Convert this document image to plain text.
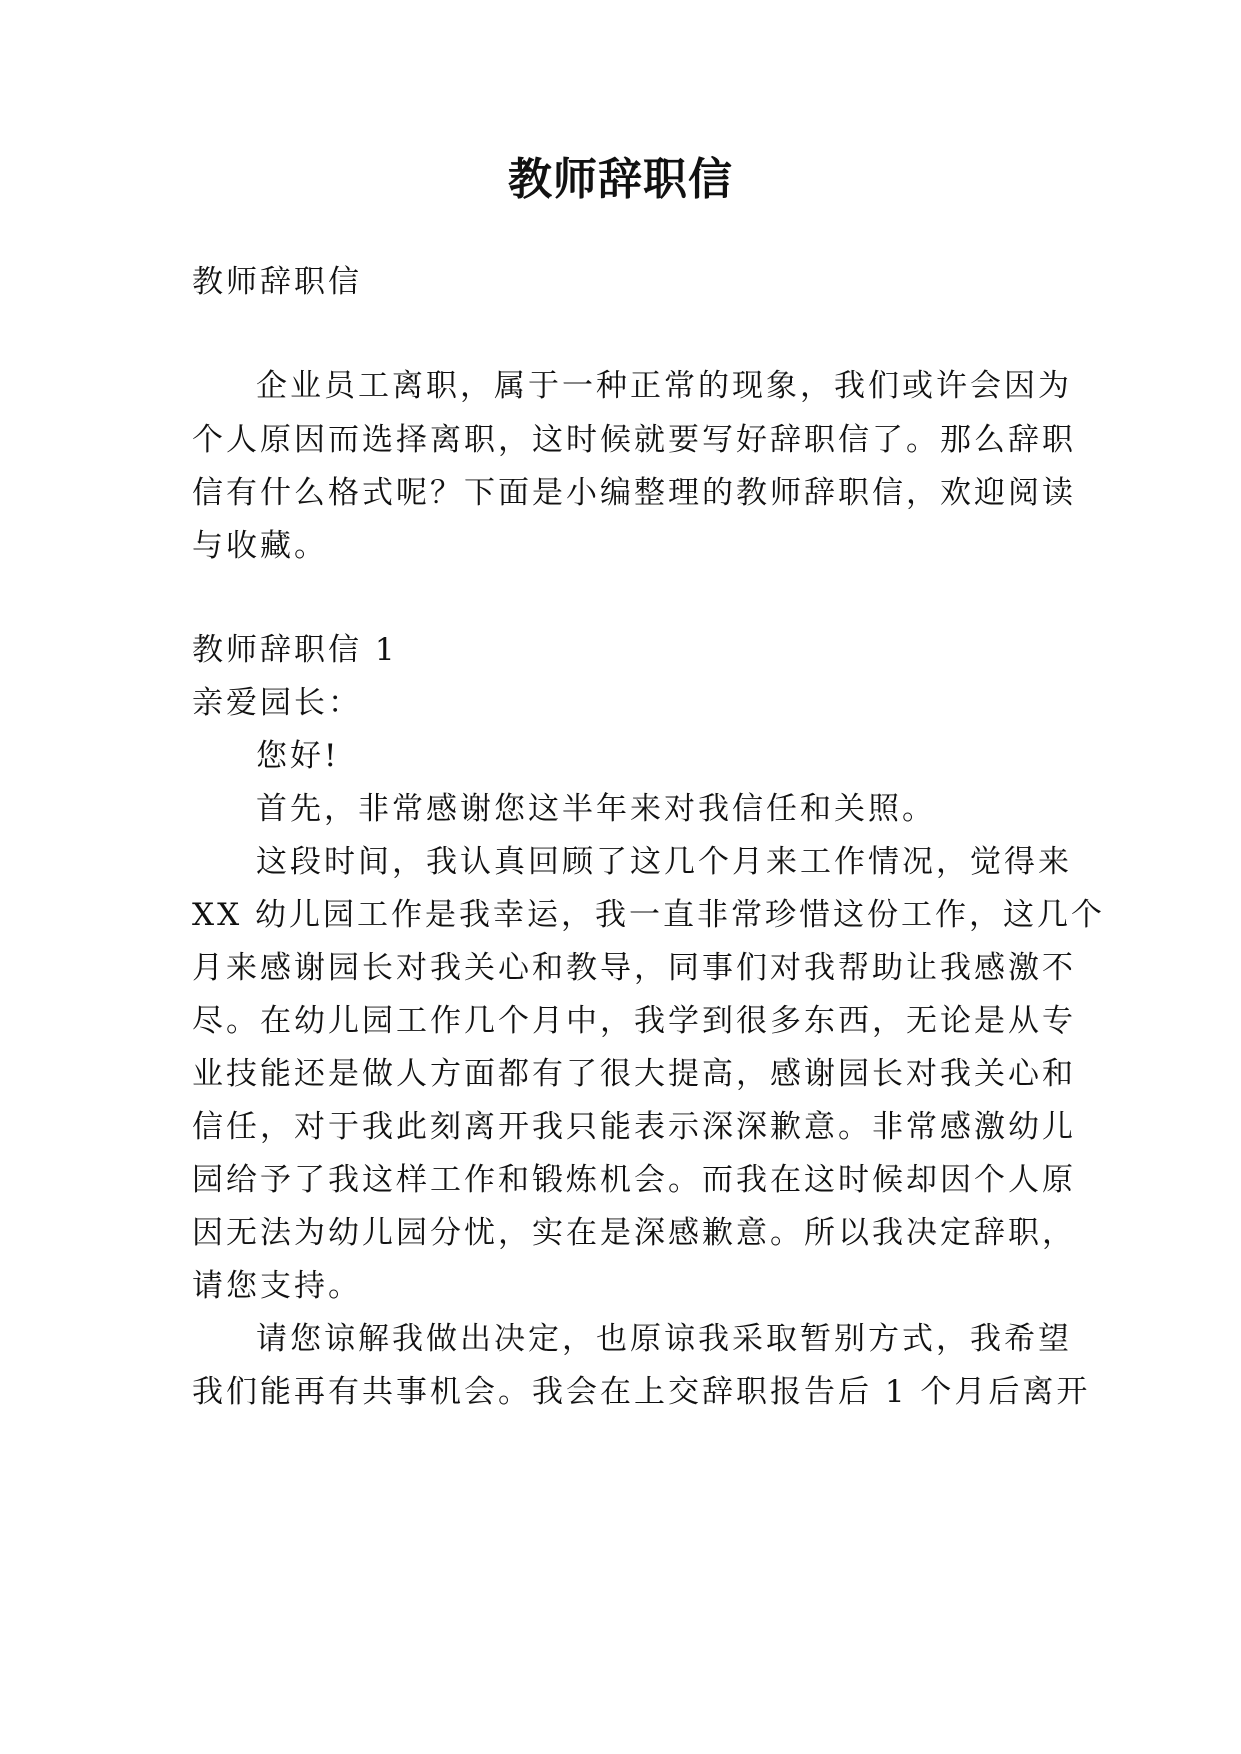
教师辞职信
教师辞职信
企业员工离职，属于一种正常的现象，我们或许会因为
个人原因而选择离职，这时候就要写好辞职信了。那么辞职
信有什么格式呢？下面是小编整理的教师辞职信，欢迎阅读
与收藏。
教师辞职信 1
亲爱园长：
您好!
首先，非常感谢您这半年来对我信任和关照。
这段时间，我认真回顾了这几个月来工作情况，觉得来
XX 幼儿园工作是我幸运，我一直非常珍惜这份工作，这几个
月来感谢园长对我关心和教导，同事们对我帮助让我感激不
尽。在幼儿园工作几个月中，我学到很多东西，无论是从专
业技能还是做人方面都有了很大提高，感谢园长对我关心和
信任，对于我此刻离开我只能表示深深歉意。非常感激幼儿
园给予了我这样工作和锻炼机会。而我在这时候却因个人原
因无法为幼儿园分忧，实在是深感歉意。所以我决定辞职，
请您支持。
请您谅解我做出决定，也原谅我采取暂别方式，我希望
我们能再有共事机会。我会在上交辞职报告后 1 个月后离开
